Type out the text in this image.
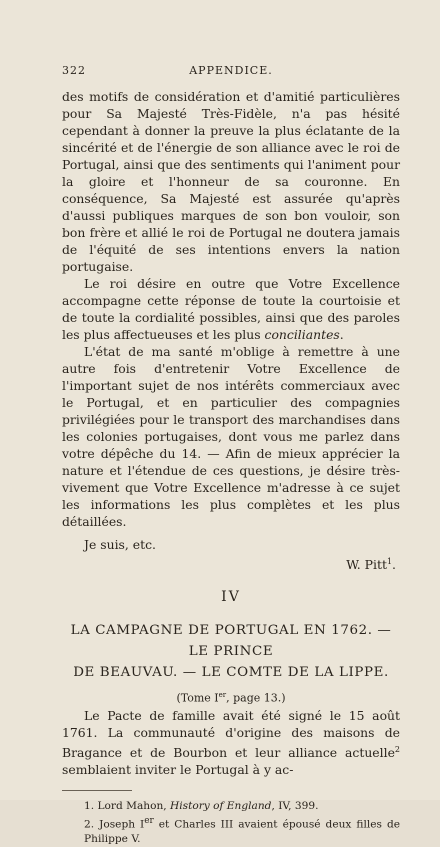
322	APPENDICE.

des motifs de considération et d'amitié particulières pour Sa Majesté Très-Fidèle, n'a pas hésité cependant à donner la preuve la plus éclatante de la sincérité et de l'énergie de son alliance avec le roi de Portugal, ainsi que des sentiments qui l'animent pour la gloire et l'honneur de sa couronne. En conséquence, Sa Majesté est assurée qu'après d'aussi publiques marques de son bon vouloir, son bon frère et allié le roi de Portugal ne doutera jamais de l'équité de ses intentions envers la nation portugaise.

Le roi désire en outre que Votre Excellence accompagne cette réponse de toute la courtoisie et de toute la cordialité possibles, ainsi que des paroles les plus affectueuses et les plus conciliantes.

L'état de ma santé m'oblige à remettre à une autre fois d'entretenir Votre Excellence de l'important sujet de nos intérêts commerciaux avec le Portugal, et en particulier des compagnies privilégiées pour le transport des marchandises dans les colonies portugaises, dont vous me parlez dans votre dépêche du 14. — Afin de mieux apprécier la nature et l'étendue de ces questions, je désire très-vivement que Votre Excellence m'adresse à ce sujet les informations les plus complètes et les plus détaillées.

Je suis, etc.
W. Pitt$^1$.
IV
LA CAMPAGNE DE PORTUGAL EN 1762. — LE PRINCE
DE BEAUVAU. — LE COMTE DE LA LIPPE.
(Tome Ier, page 13.)

Le Pacte de famille avait été signé le 15 août 1761. La communauté d'origine des maisons de Bragance et de Bourbon et leur alliance actuelle$^2$ semblaient inviter le Portugal à y ac-

1. Lord Mahon, History of England, IV, 399.
2. Joseph Ier et Charles III avaient épousé deux filles de Philippe V.
